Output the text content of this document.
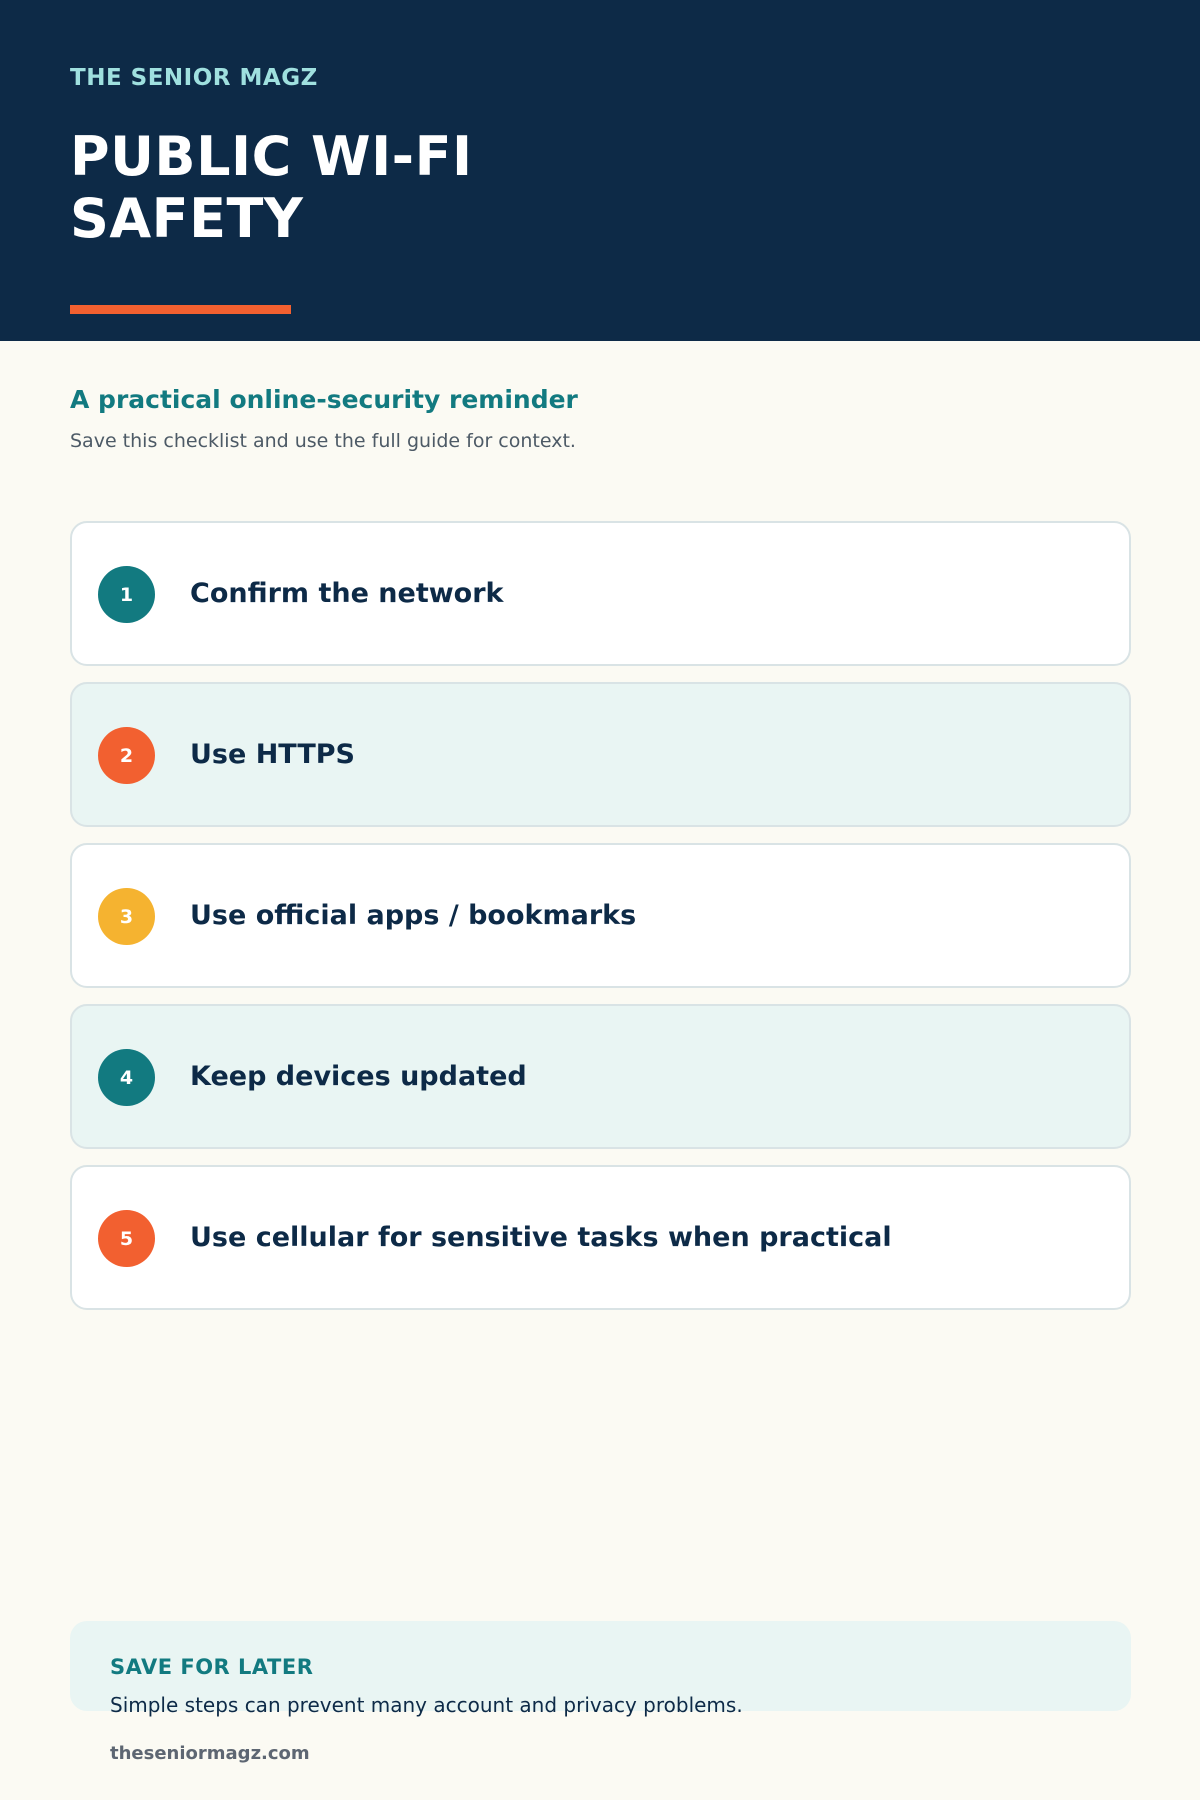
THE SENIOR MAGZ
PUBLIC WI-FI SAFETY
A practical online-security reminder
Save this checklist and use the full guide for context.
1	Confirm the network
2	Use HTTPS
3	Use official apps / bookmarks
4	Keep devices updated
5	Use cellular for sensitive tasks when practical
SAVE FOR LATER
Simple steps can prevent many account and privacy problems.
theseniormagz.com
